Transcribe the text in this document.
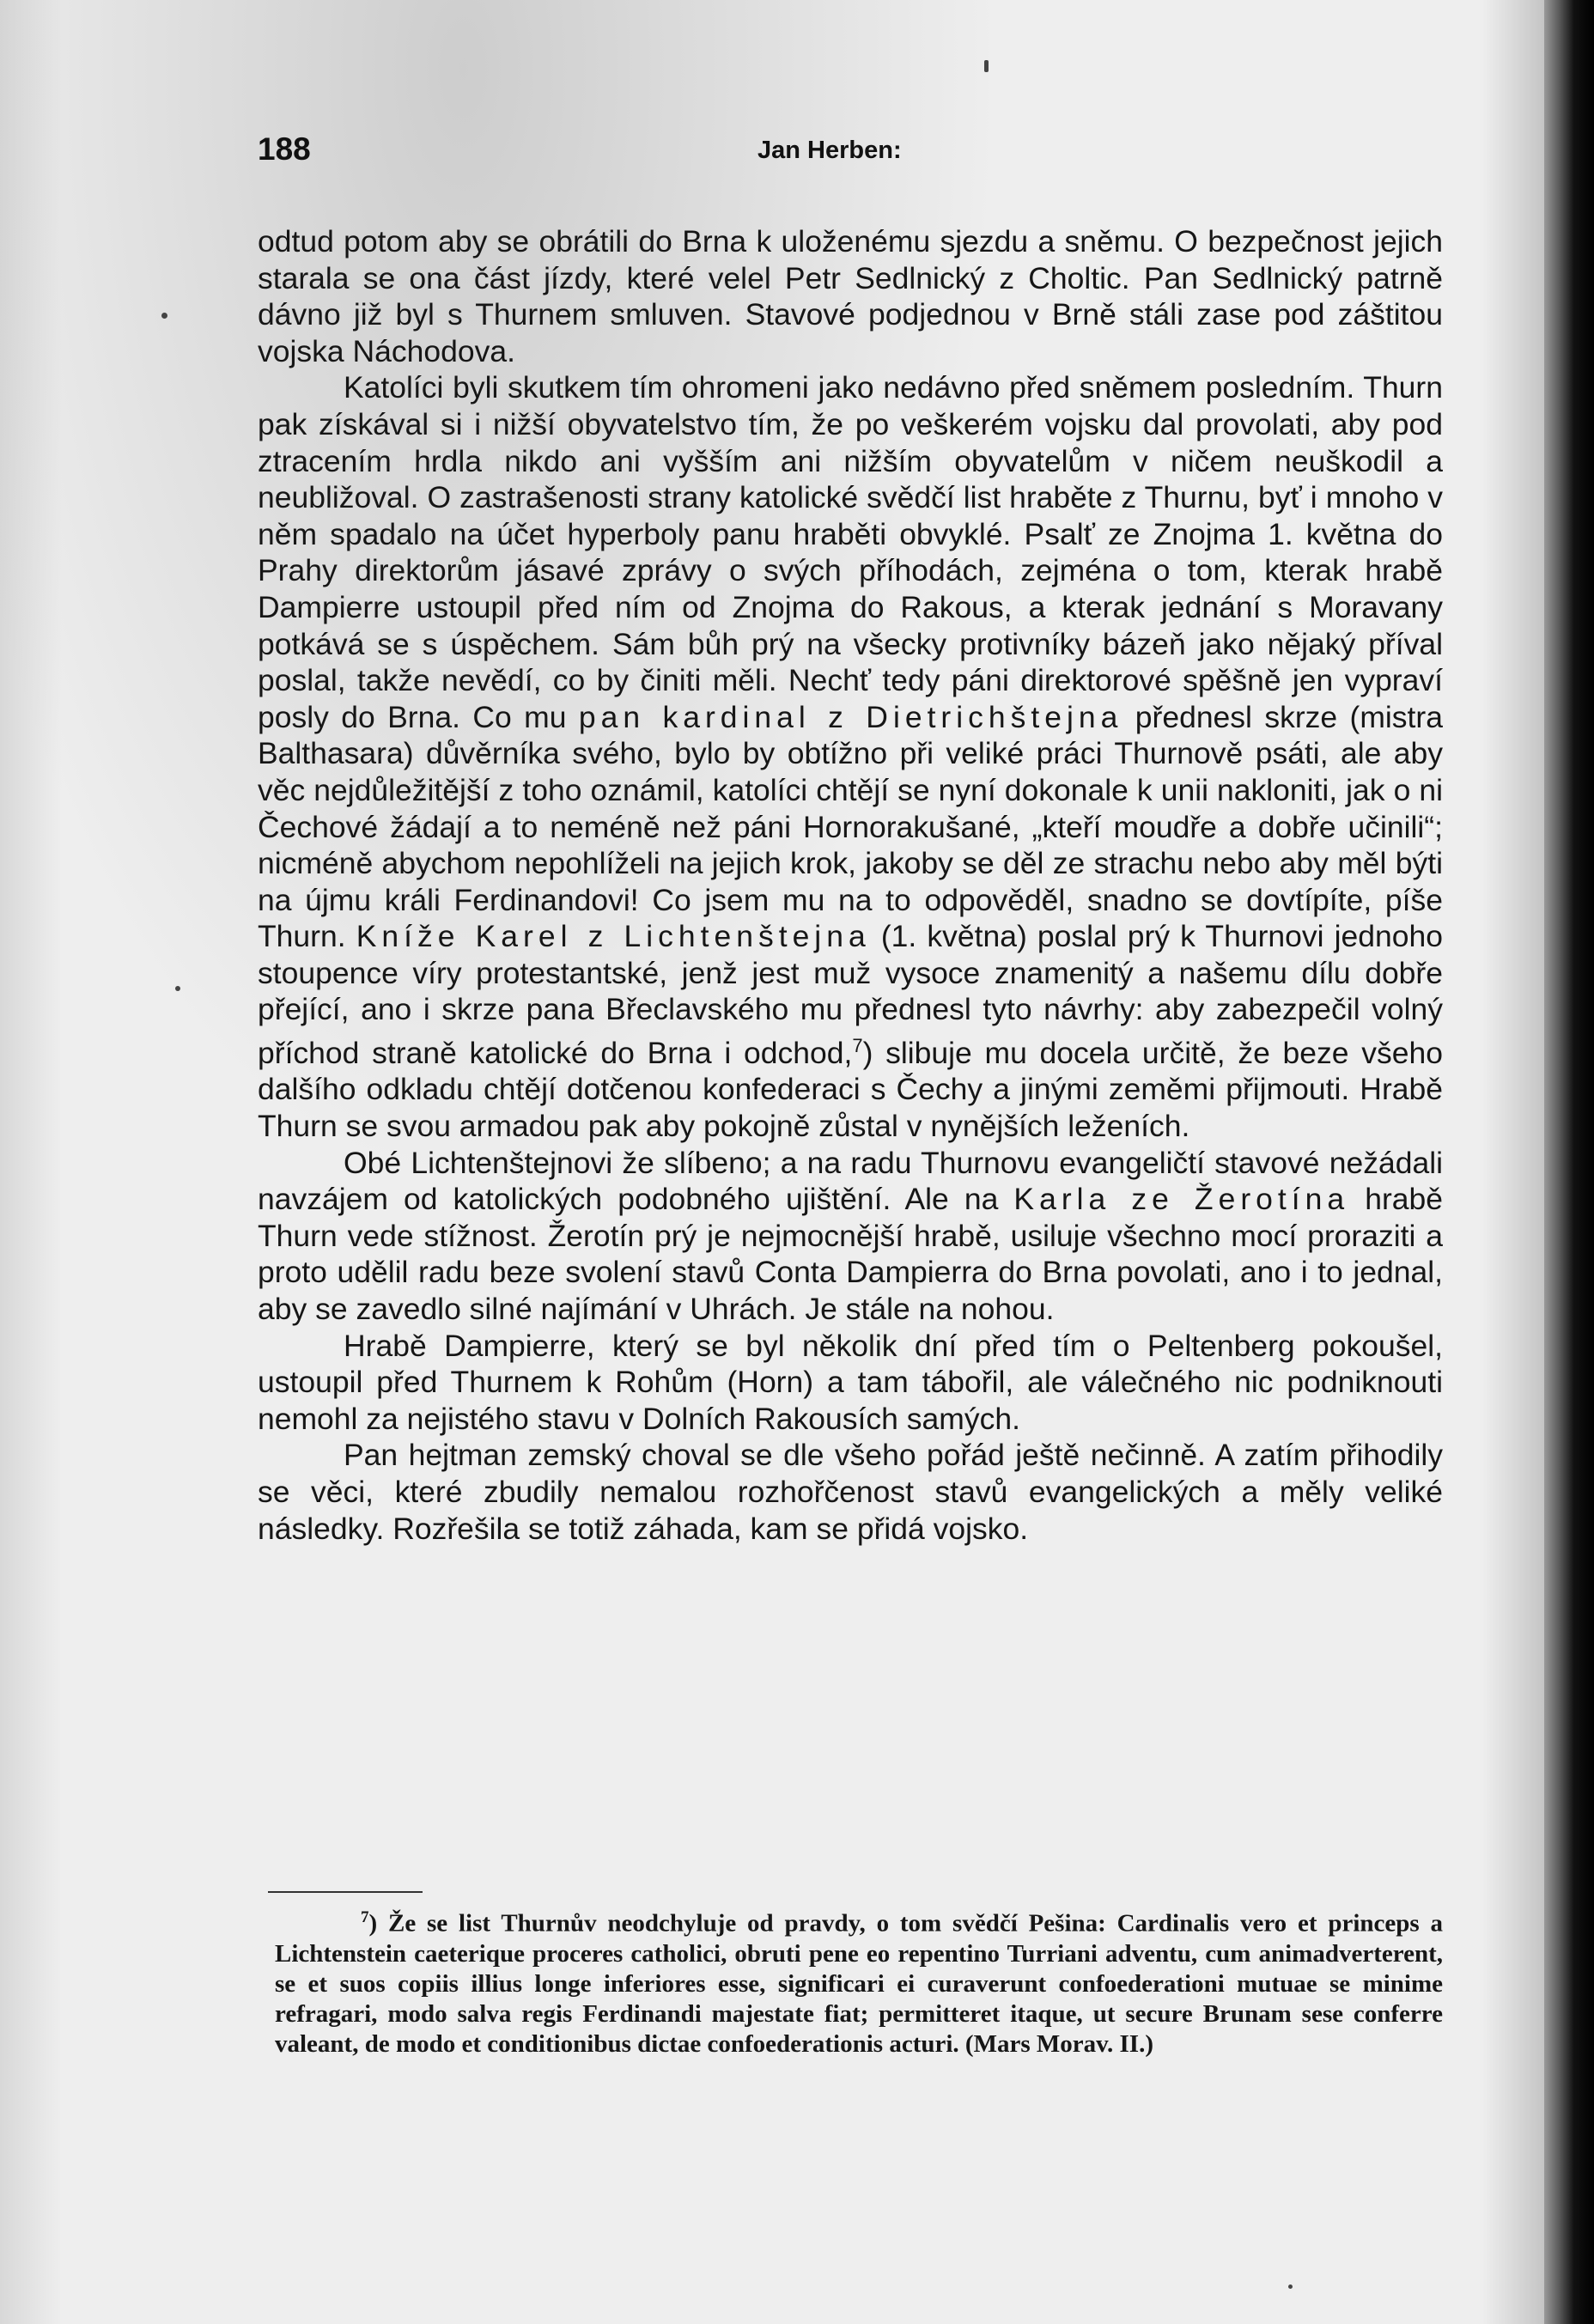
188	Jan Herben:

odtud potom aby se obrátili do Brna k uloženému sjezdu a sněmu. O bezpečnost jejich starala se ona část jízdy, které velel Petr Sedlnický z Choltic. Pan Sedlnický patrně dávno již byl s Thurnem smluven. Stavové podjednou v Brně stáli zase pod záštitou vojska Náchodova.

Katolíci byli skutkem tím ohromeni jako nedávno před sněmem posledním. Thurn pak získával si i nižší obyvatelstvo tím, že po veškerém vojsku dal provolati, aby pod ztracením hrdla nikdo ani vyšším ani nižším obyvatelům v ničem neuškodil a neubližoval. O zastrašenosti strany katolické svědčí list hraběte z Thurnu, byť i mnoho v něm spadalo na účet hyperboly panu hraběti obvyklé. Psalť ze Znojma 1. května do Prahy direktorům jásavé zprávy o svých příhodách, zejména o tom, kterak hrabě Dampierre ustoupil před ním od Znojma do Rakous, a kterak jednání s Moravany potkává se s úspěchem. Sám bůh prý na všecky protivníky bázeň jako nějaký příval poslal, takže nevědí, co by činiti měli. Nechť tedy páni direktorové spěšně jen vypraví posly do Brna. Co mu pan kardinal z Dietrichštejna přednesl skrze (mistra Balthasara) důvěrníka svého, bylo by obtížno při veliké práci Thurnově psáti, ale aby věc nejdůležitější z toho oznámil, katolíci chtějí se nyní dokonale k unii nakloniti, jak o ni Čechové žádají a to neméně než páni Hornorakušané, „kteří moudře a dobře učinili“; nicméně abychom nepohlíželi na jejich krok, jakoby se děl ze strachu nebo aby měl býti na újmu králi Ferdinandovi! Co jsem mu na to odpověděl, snadno se dovtípíte, píše Thurn. Kníže Karel z Lichtenštejna (1. května) poslal prý k Thurnovi jednoho stoupence víry protestantské, jenž jest muž vysoce znamenitý a našemu dílu dobře přející, ano i skrze pana Břeclavského mu přednesl tyto návrhy: aby zabezpečil volný příchod straně katolické do Brna i odchod,$^7$) slibuje mu docela určitě, že beze všeho dalšího odkladu chtějí dotčenou konfederaci s Čechy a jinými zeměmi přijmouti. Hrabě Thurn se svou armadou pak aby pokojně zůstal v nynějších leženích.

Obé Lichtenštejnovi že slíbeno; a na radu Thurnovu evangeličtí stavové nežádali navzájem od katolických podobného ujištění. Ale na Karla ze Žerotína hrabě Thurn vede stížnost. Žerotín prý je nejmocnější hrabě, usiluje všechno mocí proraziti a proto udělil radu beze svolení stavů Conta Dampierra do Brna povolati, ano i to jednal, aby se zavedlo silné najímání v Uhrách. Je stále na nohou.

Hrabě Dampierre, který se byl několik dní před tím o Peltenberg pokoušel, ustoupil před Thurnem k Rohům (Horn) a tam tábořil, ale válečného nic podniknouti nemohl za nejistého stavu v Dolních Rakousích samých.

Pan hejtman zemský choval se dle všeho pořád ještě nečinně. A zatím přihodily se věci, které zbudily nemalou rozhořčenost stavů evangelických a měly veliké následky. Rozřešila se totiž záhada, kam se přidá vojsko.

$^7$) Že se list Thurnův neodchyluje od pravdy, o tom svědčí Pešina: Cardinalis vero et princeps a Lichtenstein caeterique proceres catholici, obruti pene eo repentino Turriani adventu, cum animadverterent, se et suos copiis illius longe inferiores esse, significari ei curaverunt confoederationi mutuae se minime refragari, modo salva regis Ferdinandi majestate fiat; permitteret itaque, ut secure Brunam sese conferre valeant, de modo et conditionibus dictae confoederationis acturi. (Mars Morav. II.)
